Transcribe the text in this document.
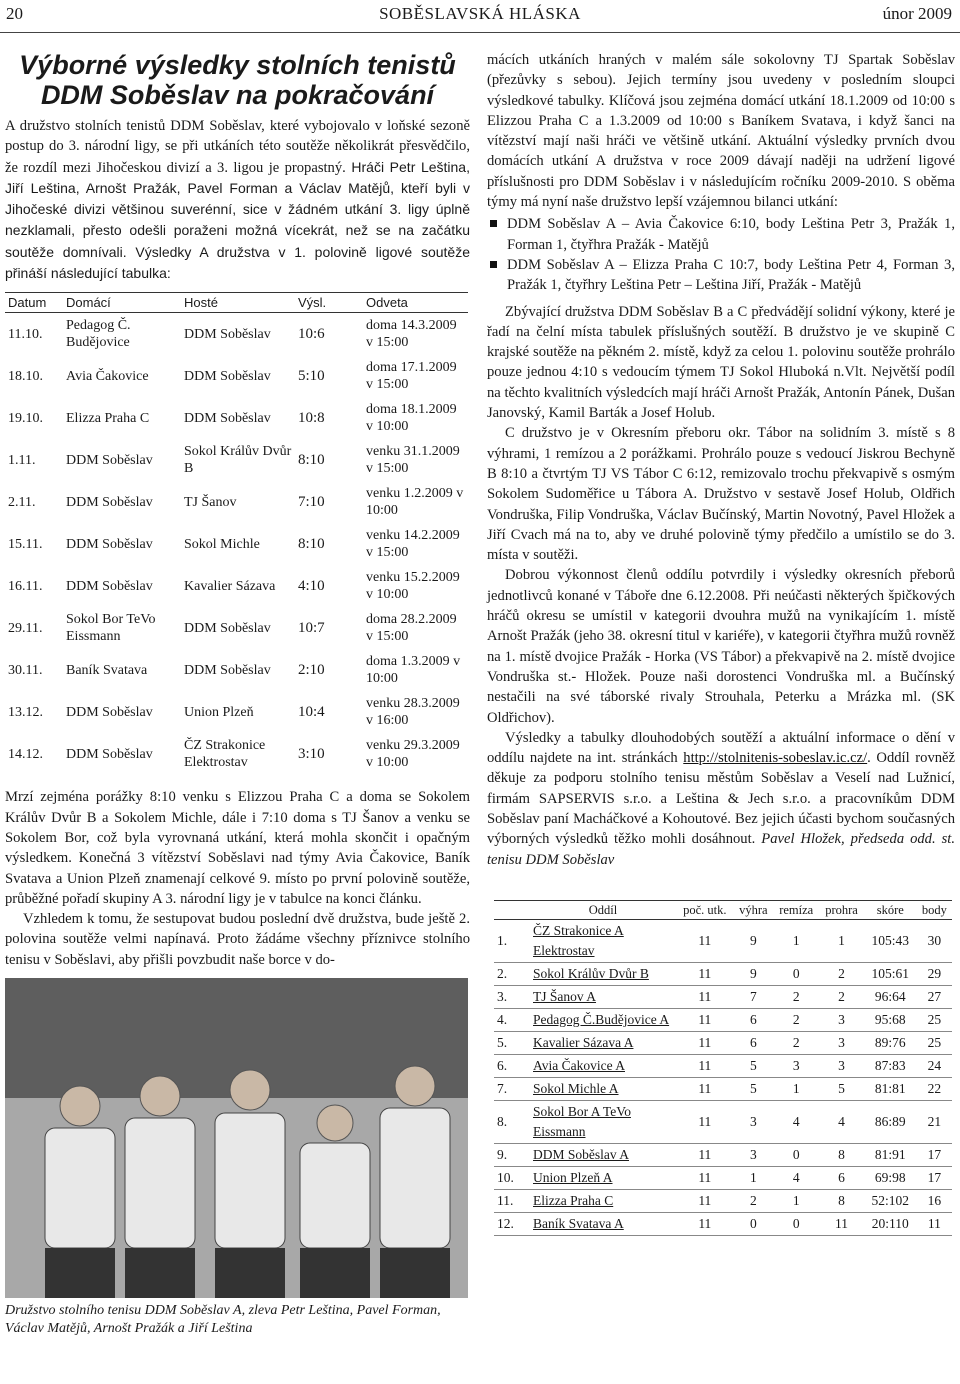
20	SOBĚSLAVSKÁ HLÁSKA	únor 2009
Výborné výsledky stolních tenistů
DDM Soběslav na pokračování

A družstvo stolních tenistů DDM Soběslav, které vybojovalo v loňské sezoně postup do 3. národní ligy, se při utkáních této soutěže několikrát přesvědčilo, že rozdíl mezi Jihočeskou divizí a 3. ligou je propastný. Hráči Petr Leština, Jiří Leština, Arnošt Pražák, Pavel Forman a Václav Matějů, kteří byli v Jihočeské divizi většinou suverénní, sice v žádném utkání 3. ligy úplně nezklamali, přesto odešli poraženi možná vícekrát, než se na začátku soutěže domnívali. Výsledky A družstva v 1. polovině ligové soutěže přináší následující tabulka:

Datum	Domácí	Hosté	Výsl.	Odveta
11.10.	Pedagog Č. Budějovice	DDM Soběslav	10:6	doma 14.3.2009 v 15:00
18.10.	Avia Čakovice	DDM Soběslav	5:10	doma 17.1.2009 v 15:00
19.10.	Elizza Praha C	DDM Soběslav	10:8	doma 18.1.2009 v 10:00
1.11.	DDM Soběslav	Sokol Králův Dvůr B	8:10	venku 31.1.2009 v 15:00
2.11.	DDM Soběslav	TJ Šanov	7:10	venku 1.2.2009 v 10:00
15.11.	DDM Soběslav	Sokol Michle	8:10	venku 14.2.2009 v 15:00
16.11.	DDM Soběslav	Kavalier Sázava	4:10	venku 15.2.2009 v 10:00
29.11.	Sokol Bor TeVo Eissmann	DDM Soběslav	10:7	doma 28.2.2009 v 15:00
30.11.	Baník Svatava	DDM Soběslav	2:10	doma 1.3.2009 v 10:00
13.12.	DDM Soběslav	Union Plzeň	10:4	venku 28.3.2009 v 16:00
14.12.	DDM Soběslav	ČZ Strakonice Elektrostav	3:10	venku 29.3.2009 v 10:00

Mrzí zejména porážky 8:10 venku s Elizzou Praha C a doma se Sokolem Králův Dvůr B a Sokolem Michle, dále i 7:10 doma s TJ Šanov a venku se Sokolem Bor, což byla vyrovnaná utkání, která mohla skončit i opačným výsledkem. Konečná 3 vítězství Soběslavi nad týmy Avia Čakovice, Baník Svatava a Union Plzeň znamenají celkové 9. místo po první polovině soutěže, průběžné pořadí skupiny A 3. národní ligy je v tabulce na konci článku.

Vzhledem k tomu, že sestupovat budou poslední dvě družstva, bude ještě 2. polovina soutěže velmi napínavá. Proto žádáme všechny příznivce stolního tenisu v Soběslavi, aby přišli povzbudit naše borce v do-

Družstvo stolního tenisu DDM Soběslav A, zleva Petr Leština, Pavel Forman, Václav Matějů, Arnošt Pražák a Jiří Leština

mácích utkáních hraných v malém sále sokolovny TJ Spartak Soběslav (přezůvky s sebou). Jejich termíny jsou uvedeny v posledním sloupci výsledkové tabulky. Klíčová jsou zejména domácí utkání 18.1.2009 od 10:00 s Elizzou Praha C a 1.3.2009 od 10:00 s Baníkem Svatava, i když šanci na vítězství mají naši hráči ve většině utkání. Aktuální výsledky prvních dvou domácích utkání A družstva v roce 2009 dávají naději na udržení ligové příslušnosti pro DDM Soběslav i v následujícím ročníku 2009-2010. S oběma týmy má nyní naše družstvo lepší vzájemnou bilanci utkání:

DDM Soběslav A – Avia Čakovice 6:10, body Leština Petr 3, Pražák 1, Forman 1, čtyřhra Pražák - Matějů
DDM Soběslav A – Elizza Praha C 10:7, body Leština Petr 4, Forman 3, Pražák 1, čtyřhry Leština Petr – Leština Jiří, Pražák - Matějů

Zbývající družstva DDM Soběslav B a C předvádějí solidní výkony, které je řadí na čelní místa tabulek příslušných soutěží. B družstvo je ve skupině C krajské soutěže na pěkném 2. místě, když za celou 1. polovinu soutěže prohrálo pouze jednou 4:10 s vedoucím týmem TJ Sokol Hluboká n.Vlt. Největší podíl na těchto kvalitních výsledcích mají hráči Arnošt Pražák, Antonín Pánek, Dušan Janovský, Kamil Barták a Josef Holub.

C družstvo je v Okresním přeboru okr. Tábor na solidním 3. místě s 8 výhrami, 1 remízou a 2 porážkami. Prohrálo pouze s vedoucí Jiskrou Bechyně B 8:10 a čtvrtým TJ VS Tábor C 6:12, remizovalo trochu překvapivě s osmým Sokolem Sudoměřice u Tábora A. Družstvo v sestavě Josef Holub, Oldřich Vondruška, Filip Vondruška, Václav Bučínský, Martin Novotný, Pavel Hložek a Jiří Cvach má na to, aby ve druhé polovině týmy předčilo a umístilo se do 3. místa v soutěži.

Dobrou výkonnost členů oddílu potvrdily i výsledky okresních přeborů jednotlivců konané v Táboře dne 6.12.2008. Při neúčasti některých špičkových hráčů okresu se umístil v kategorii dvouhra mužů na vynikajícím 1. místě Arnošt Pražák (jeho 38. okresní titul v kariéře), v kategorii čtyřhra mužů rovněž na 1. místě dvojice Pražák - Horka (VS Tábor) a překvapivě na 2. místě dvojice Vondruška st.- Hložek. Pouze naši dorostenci Vondruška ml. a Bučínský nestačili na své táborské rivaly Strouhala, Peterku a Mrázka ml. (SK Oldřichov).

Výsledky a tabulky dlouhodobých soutěží a aktuální informace o dění v oddílu najdete na int. stránkách http://stolnitenis-sobeslav.ic.cz/. Oddíl rovněž děkuje za podporu stolního tenisu městům Soběslav a Veselí nad Lužnicí, firmám SAPSERVIS s.r.o. a Leština & Jech s.r.o. a pracovníkům DDM Soběslav paní Macháčkové a Kohoutové. Bez jejich účasti bychom současných výborných výsledků těžko mohli dosáhnout. Pavel Hložek, předseda odd. st. tenisu DDM Soběslav

	Oddíl	poč. utk.	výhra	remíza	prohra	skóre	body
1.	ČZ Strakonice A Elektrostav	11	9	1	1	105:43	30
2.	Sokol Králův Dvůr B	11	9	0	2	105:61	29
3.	TJ Šanov A	11	7	2	2	96:64	27
4.	Pedagog Č.Budějovice A	11	6	2	3	95:68	25
5.	Kavalier Sázava A	11	6	2	3	89:76	25
6.	Avia Čakovice A	11	5	3	3	87:83	24
7.	Sokol Michle A	11	5	1	5	81:81	22
8.	Sokol Bor A TeVo Eissmann	11	3	4	4	86:89	21
9.	DDM Soběslav A	11	3	0	8	81:91	17
10.	Union Plzeň A	11	1	4	6	69:98	17
11.	Elizza Praha C	11	2	1	8	52:102	16
12.	Baník Svatava A	11	0	0	11	20:110	11
